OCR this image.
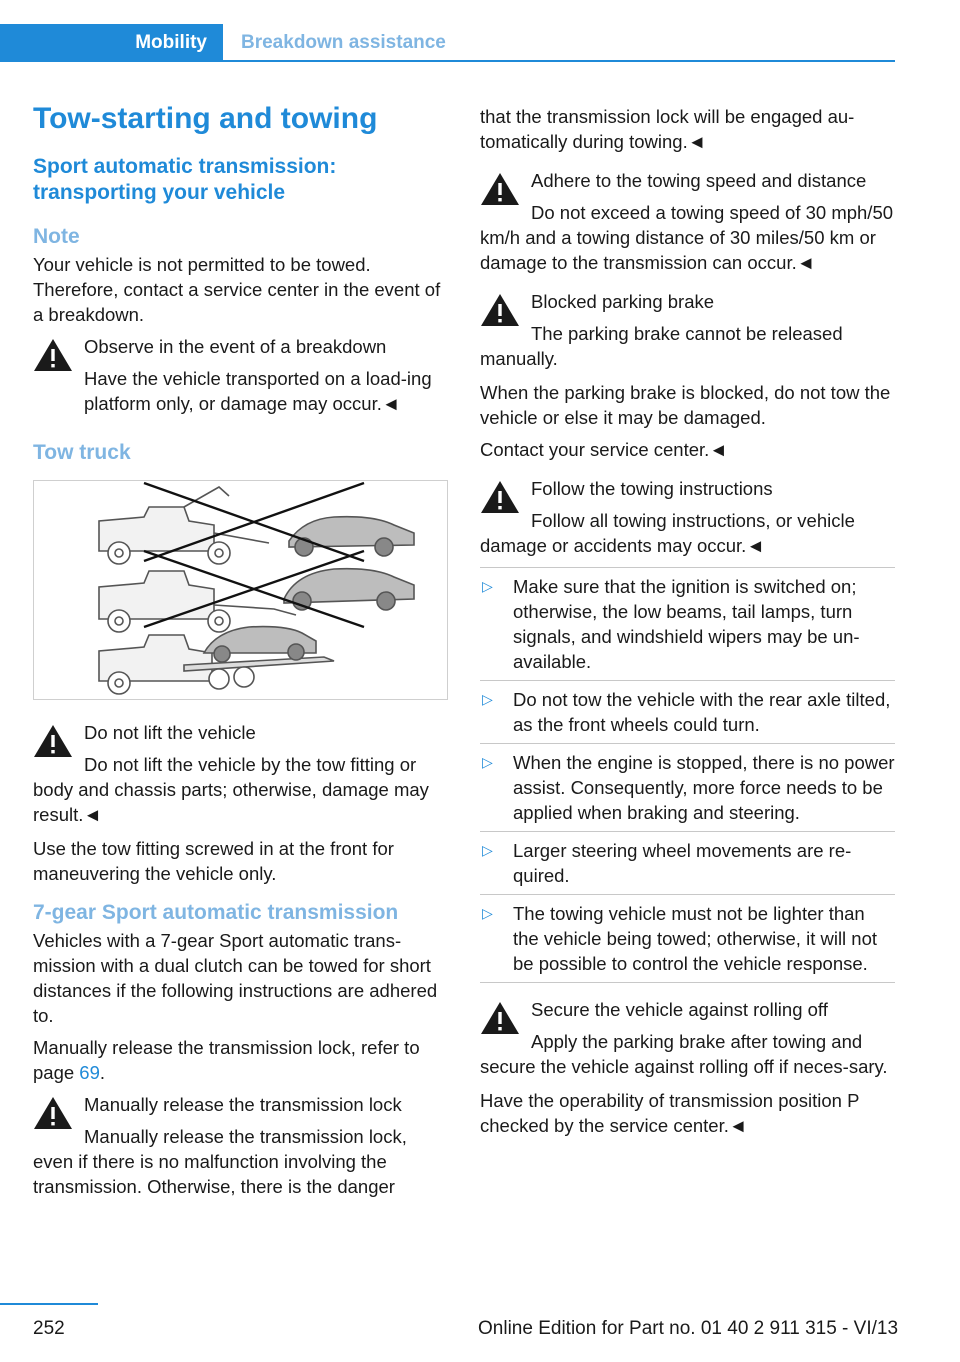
Mobility	Breakdown assistance
Tow-starting and towing
Sport automatic transmission: transporting your vehicle
Note

Your vehicle is not permitted to be towed. Therefore, contact a service center in the event of a breakdown.

Observe in the event of a breakdown

Have the vehicle transported on a load-ing platform only, or damage may occur.◄

Tow truck

Do not lift the vehicle

Do not lift the vehicle by the tow fitting or body and chassis parts; otherwise, damage may result.◄

Use the tow fitting screwed in at the front for maneuvering the vehicle only.

7-gear Sport automatic transmission

Vehicles with a 7-gear Sport automatic trans-mission with a dual clutch can be towed for short distances if the following instructions are adhered to.

Manually release the transmission lock, refer to page 69.

Manually release the transmission lock

Manually release the transmission lock, even if there is no malfunction involving the transmission. Otherwise, there is the danger

that the transmission lock will be engaged au-tomatically during towing.◄

Adhere to the towing speed and distance

Do not exceed a towing speed of 30 mph/50 km/h and a towing distance of 30 miles/50 km or damage to the transmission can occur.◄

Blocked parking brake

The parking brake cannot be released manually.

When the parking brake is blocked, do not tow the vehicle or else it may be damaged.

Contact your service center.◄

Follow the towing instructions

Follow all towing instructions, or vehicle damage or accidents may occur.◄

▷ Make sure that the ignition is switched on; otherwise, the low beams, tail lamps, turn signals, and windshield wipers may be un-available.
▷ Do not tow the vehicle with the rear axle tilted, as the front wheels could turn.
▷ When the engine is stopped, there is no power assist. Consequently, more force needs to be applied when braking and steering.
▷ Larger steering wheel movements are re-quired.
▷ The towing vehicle must not be lighter than the vehicle being towed; otherwise, it will not be possible to control the vehicle response.

Secure the vehicle against rolling off

Apply the parking brake after towing and secure the vehicle against rolling off if neces-sary.

Have the operability of transmission position P checked by the service center.◄

252	Online Edition for Part no. 01 40 2 911 315 - VI/13
